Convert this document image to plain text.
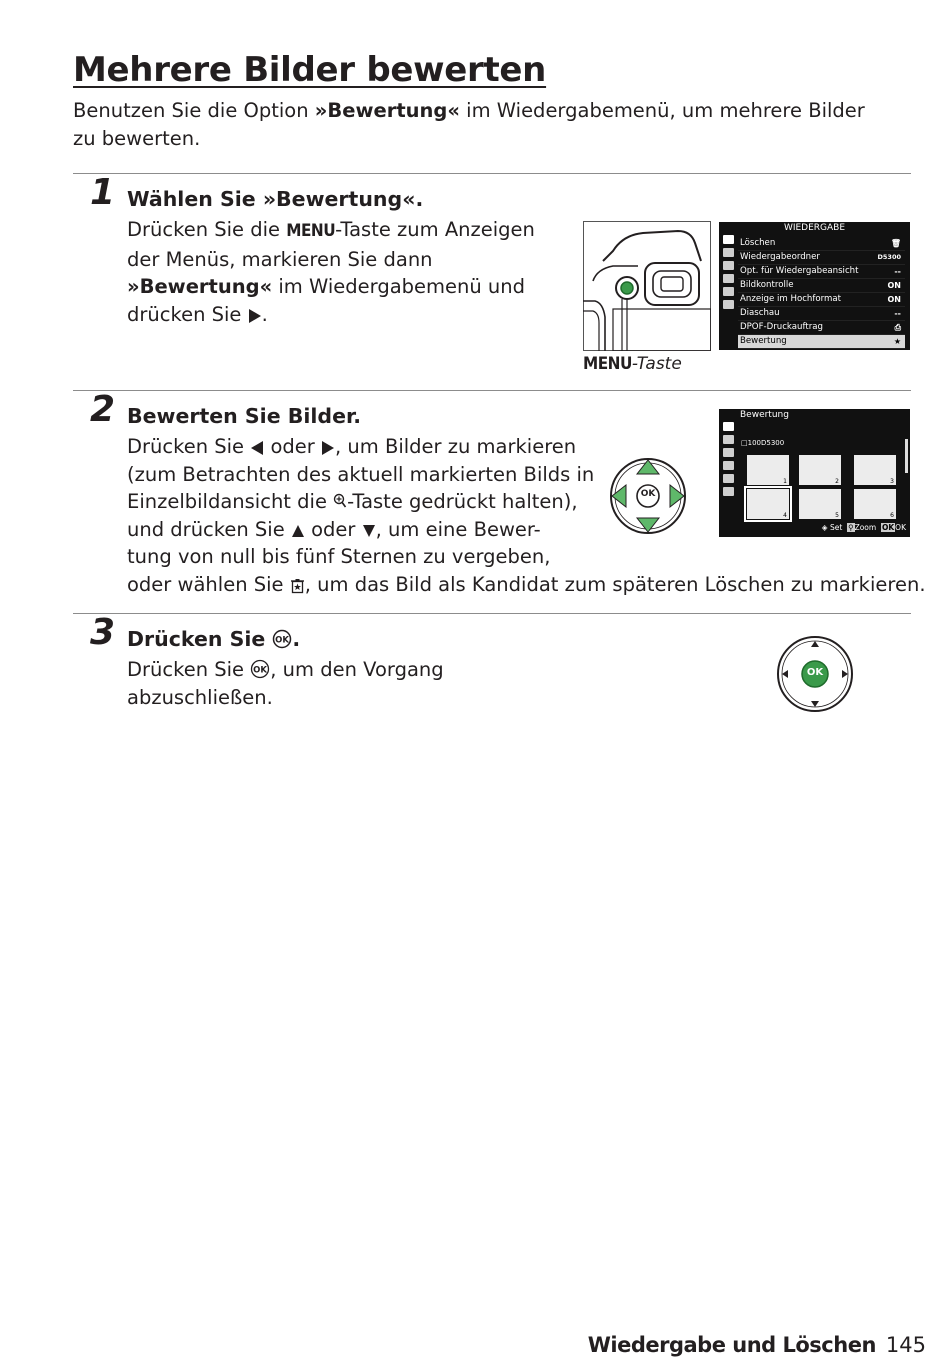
Mehrere Bilder bewerten

Benutzen Sie die Option »Bewertung« im Wiedergabemenü, um mehrere Bilder zu bewerten.

1 Wählen Sie »Bewertung«.

Drücken Sie die MENU-Taste zum Anzeigen der Menüs, markieren Sie dann »Bewertung« im Wiedergabemenü und drücken Sie .

MENU-Taste
WIEDERGABE
Löschen	🗑
Wiedergabeordner	D5300
Opt. für Wiedergabeansicht	--
Bildkontrolle	ON
Anzeige im Hochformat	ON
Diaschau	--
DPOF-Druckauftrag	⎙
Bewertung	★
2 Bewerten Sie Bilder.

Drücken Sie  oder , um Bilder zu markieren
(zum Betrachten des aktuell markierten Bilds in
Einzelbildansicht die -Taste gedrückt halten),
und drücken Sie  oder , um eine Bewer-
tung von null bis fünf Sternen zu vergeben,
oder wählen Sie , um das Bild als Kandidat zum späteren Löschen zu markieren.
OK
Bewertung
□100D5300
1	2	3
4	5	6
◈ Set ⚲Zoom OKOK
3 Drücken Sie OK .

Drücken Sie OK , um den Vorgang
abzuschließen.
OK
Wiedergabe und Löschen 145
